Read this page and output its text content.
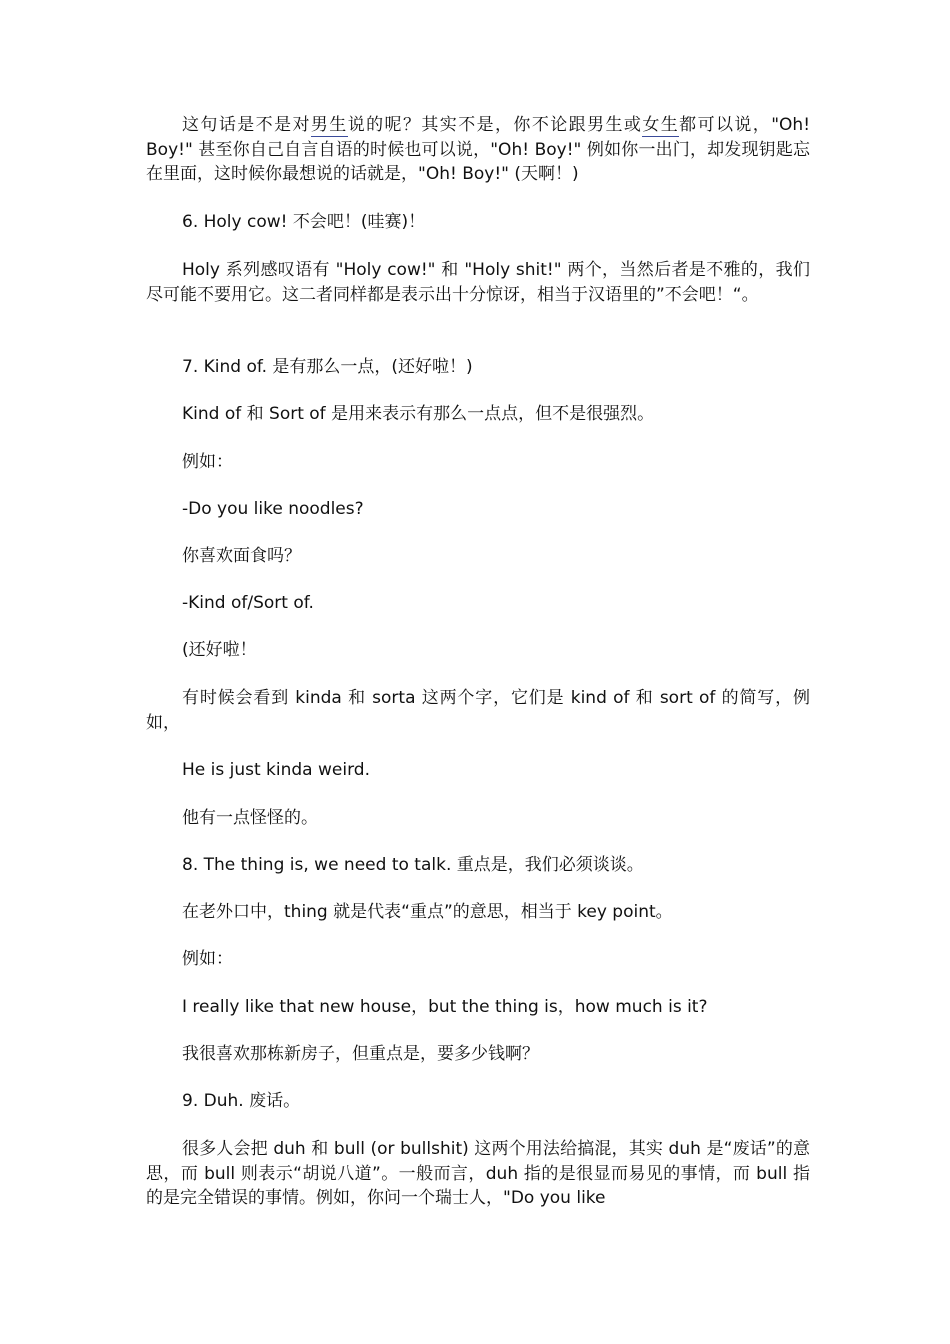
这句话是不是对男生说的呢？其实不是，你不论跟男生或女生都可以说，"Oh! Boy!" 甚至你自己自言自语的时候也可以说，"Oh! Boy!" 例如你一出门，却发现钥匙忘在里面，这时候你最想说的话就是，"Oh! Boy!" (天啊！)

6. Holy cow! 不会吧！(哇赛)！

Holy 系列感叹语有 "Holy cow!" 和 "Holy shit!" 两个，当然后者是不雅的，我们尽可能不要用它。这二者同样都是表示出十分惊讶，相当于汉语里的”不会吧！“。

7. Kind of. 是有那么一点，(还好啦！)

Kind of 和 Sort of 是用来表示有那么一点点，但不是很强烈。

例如：

-Do you like noodles?

你喜欢面食吗？

-Kind of/Sort of.

(还好啦！

有时候会看到 kinda 和 sorta 这两个字，它们是 kind of 和 sort of 的简写，例如，

He is just kinda weird.

他有一点怪怪的。

8. The thing is, we need to talk. 重点是，我们必须谈谈。

在老外口中，thing 就是代表“重点”的意思，相当于 key point。

例如：

I really like that new house，but the thing is，how much is it?

我很喜欢那栋新房子，但重点是，要多少钱啊？

9. Duh. 废话。

很多人会把 duh 和 bull (or bullshit) 这两个用法给搞混，其实 duh 是“废话”的意思，而 bull 则表示“胡说八道”。一般而言，duh 指的是很显而易见的事情，而 bull 指的是完全错误的事情。例如，你问一个瑞士人，"Do you like
